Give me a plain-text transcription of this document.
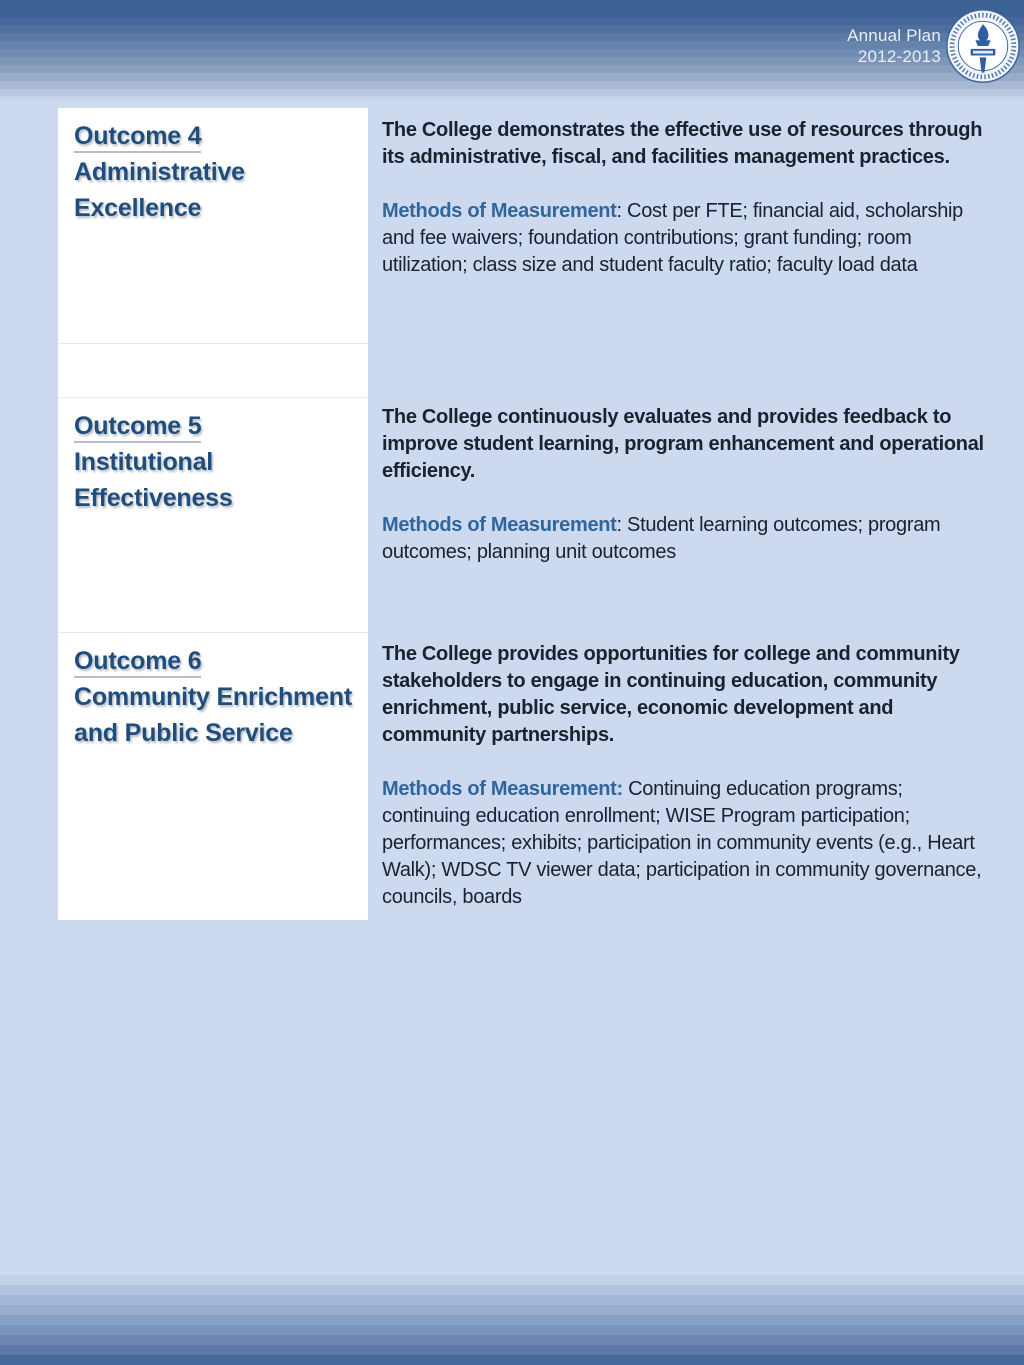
Annual Plan
2012-2013
Outcome 4
Administrative
Excellence
Outcome 5
Institutional
Effectiveness
Outcome 6
Community Enrichment
and Public Service

The College demonstrates the effective use of resources through its administrative, fiscal, and facilities management practices.

Methods of Measurement: Cost per FTE; financial aid, scholarship and fee waivers; foundation contributions; grant funding; room utilization; class size and student faculty ratio; faculty load data

The College continuously evaluates and provides feedback to improve student learning, program enhancement and operational efficiency.

Methods of Measurement: Student learning outcomes; program outcomes; planning unit outcomes

The College provides opportunities for college and community stakeholders to engage in continuing education, community enrichment, public service, economic development and community partnerships.

Methods of Measurement: Continuing education programs; continuing education enrollment; WISE Program participation; performances; exhibits; participation in community events (e.g., Heart Walk); WDSC TV viewer data; participation in community governance, councils, boards
